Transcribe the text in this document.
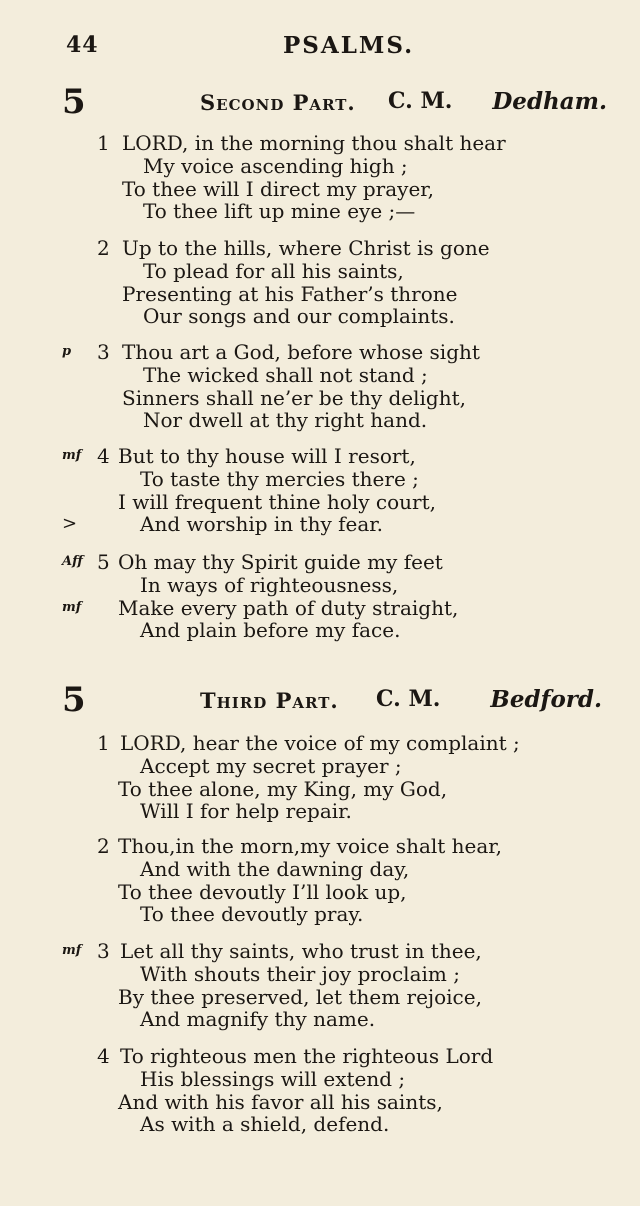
44	PSALMS.
5	Second Part. C. M. Dedham.
1 LORD, in the morning thou shalt hear
My voice ascending high ;
To thee will I direct my prayer,
To thee lift up mine eye ;—
2 Up to the hills, where Christ is gone
To plead for all his saints,
Presenting at his Father’s throne
Our songs and our complaints.
p 3 Thou art a God, before whose sight
The wicked shall not stand ;
Sinners shall ne’er be thy delight,
Nor dwell at thy right hand.
mf 4 But to thy house will I resort,
To taste thy mercies there ;
I will frequent thine holy court,
>	And worship in thy fear.
Aff 5 Oh may thy Spirit guide my feet
In ways of righteousness,
mf Make every path of duty straight,
And plain before my face.
5	Third Part. C. M. Bedford.
1 LORD, hear the voice of my complaint ;
Accept my secret prayer ;
To thee alone, my King, my God,
Will I for help repair.
2 Thou,in the morn,my voice shalt hear,
And with the dawning day,
To thee devoutly I’ll look up,
To thee devoutly pray.
mf 3 Let all thy saints, who trust in thee,
With shouts their joy proclaim ;
By thee preserved, let them rejoice,
And magnify thy name.
4 To righteous men the righteous Lord
His blessings will extend ;
And with his favor all his saints,
As with a shield, defend.
